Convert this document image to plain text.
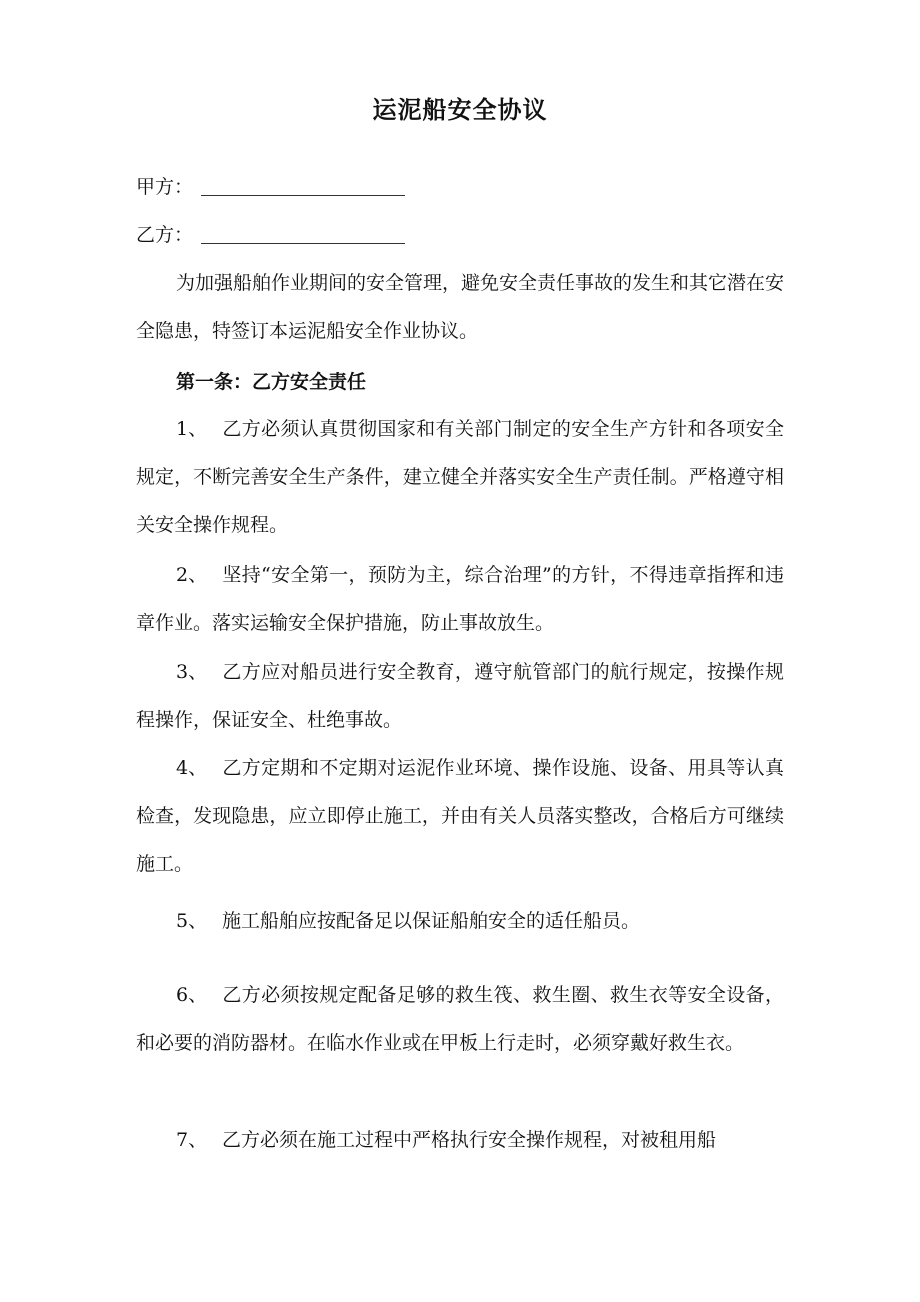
运泥船安全协议
甲方：
乙方：
为加强船舶作业期间的安全管理，避免安全责任事故的发生和其它潜在安全隐患，特签订本运泥船安全作业协议。
第一条：乙方安全责任
1、 乙方必须认真贯彻国家和有关部门制定的安全生产方针和各项安全规定，不断完善安全生产条件，建立健全并落实安全生产责任制。严格遵守相关安全操作规程。
2、 坚持“安全第一，预防为主，综合治理”的方针，不得违章指挥和违章作业。落实运输安全保护措施，防止事故放生。
3、 乙方应对船员进行安全教育，遵守航管部门的航行规定，按操作规程操作，保证安全、杜绝事故。
4、 乙方定期和不定期对运泥作业环境、操作设施、设备、用具等认真检查，发现隐患，应立即停止施工，并由有关人员落实整改，合格后方可继续施工。
5、 施工船舶应按配备足以保证船舶安全的适任船员。
6、 乙方必须按规定配备足够的救生筏、救生圈、救生衣等安全设备，和必要的消防器材。在临水作业或在甲板上行走时，必须穿戴好救生衣。
7、 乙方必须在施工过程中严格执行安全操作规程，对被租用船
